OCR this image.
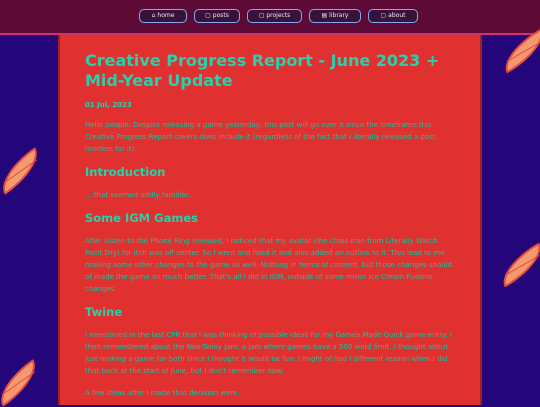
⌂ home	▢ posts	▢ projects	▤ library	▢ about
Creative Progress Report - June 2023 + Mid-Year Update
01 Jul, 2023

Hello people. Despite releasing a game yesterday, this post will go over it since the timeframe this Creative Progress Report covers does include it (regardless of the fact that I literally released a post mortem for it).

Introduction

... that seemed oddly familiar...

Some IGM Games

After Listen to the Phone Ring released, I noticed that my avatar (the chips icon from Literally Watch Paint Dry) for itch was off center. So I went and fixed it and also added an outline to it. This lead to me making some other changes to the game as well. Nothing in terms of content, but those changes should of made the game an much better. That's all I did in IGM, outside of some minor Ice Cream Fusions changes.

Twine

I mentioned in the last CPR that I was thinking of possible ideas for my Games Made Quick game entry. I then remembered about the Neo-Twiny Jam, a jam where games have a 500 word limit. I thought about just making a game for both since I thought it would be fun. I might of had I different reason when I did that back at the start of June, but I don't remember now.

A few ideas after I made that decision were.
